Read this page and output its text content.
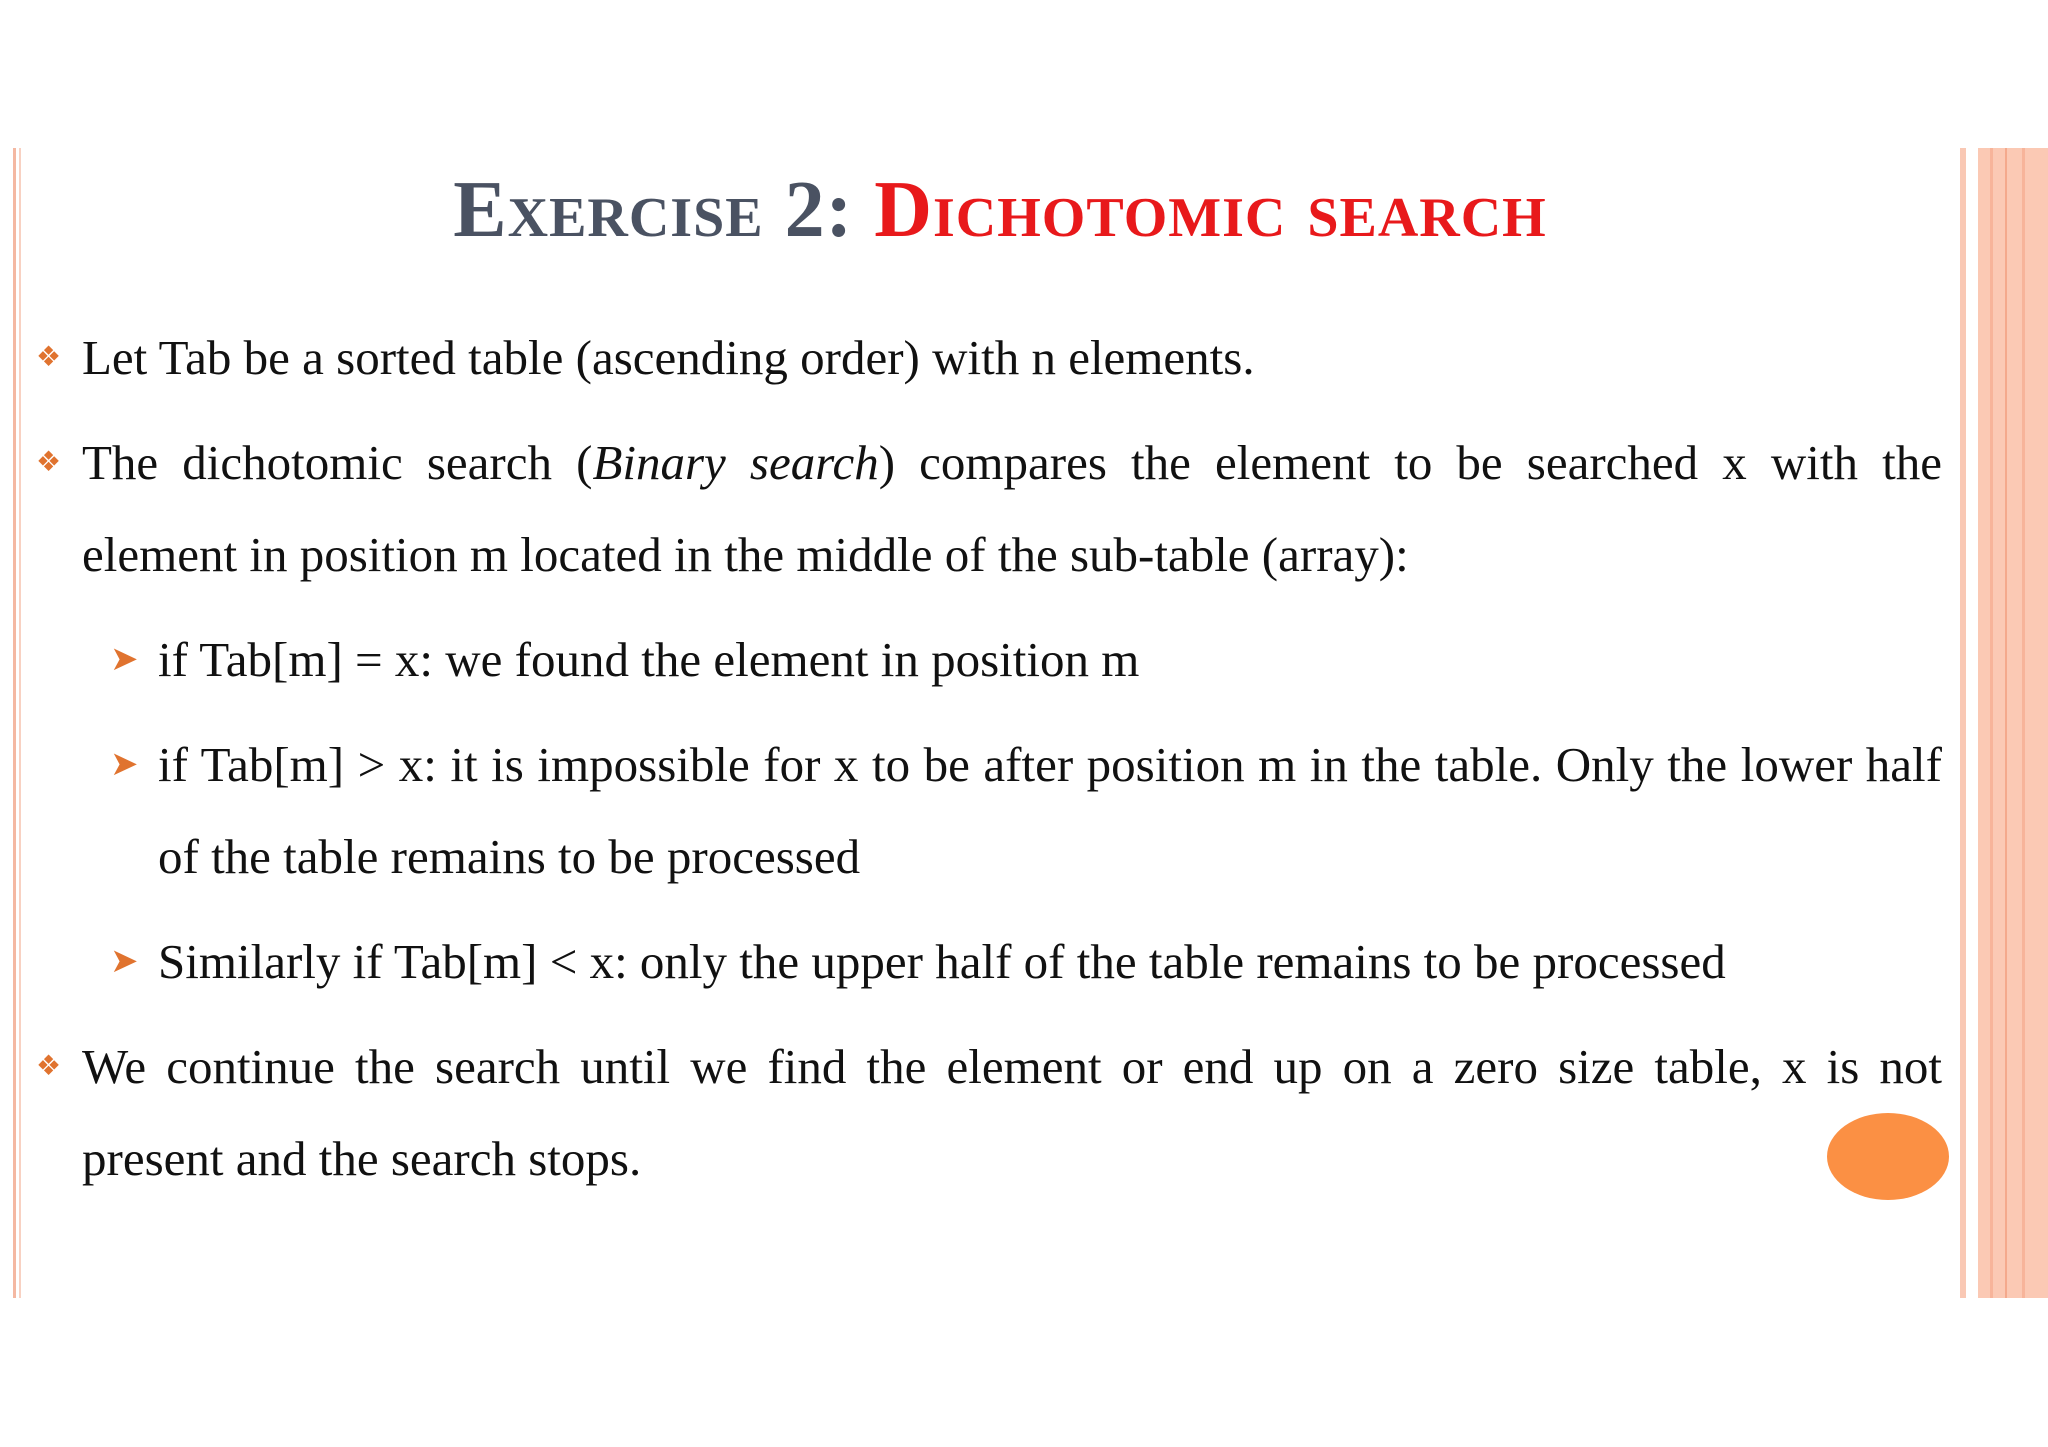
Exercise 2: Dichotomic search

❖ Let Tab be a sorted table (ascending order) with n elements.

❖ The dichotomic search (Binary search) compares the element to be searched x with the element in position m located in the middle of the sub-table (array):

➤ if Tab[m] = x: we found the element in position m

➤ if Tab[m] > x: it is impossible for x to be after position m in the table. Only the lower half of the table remains to be processed

➤ Similarly if Tab[m] < x: only the upper half of the table remains to be processed

❖ We continue the search until we find the element or end up on a zero size table, x is not present and the search stops.
